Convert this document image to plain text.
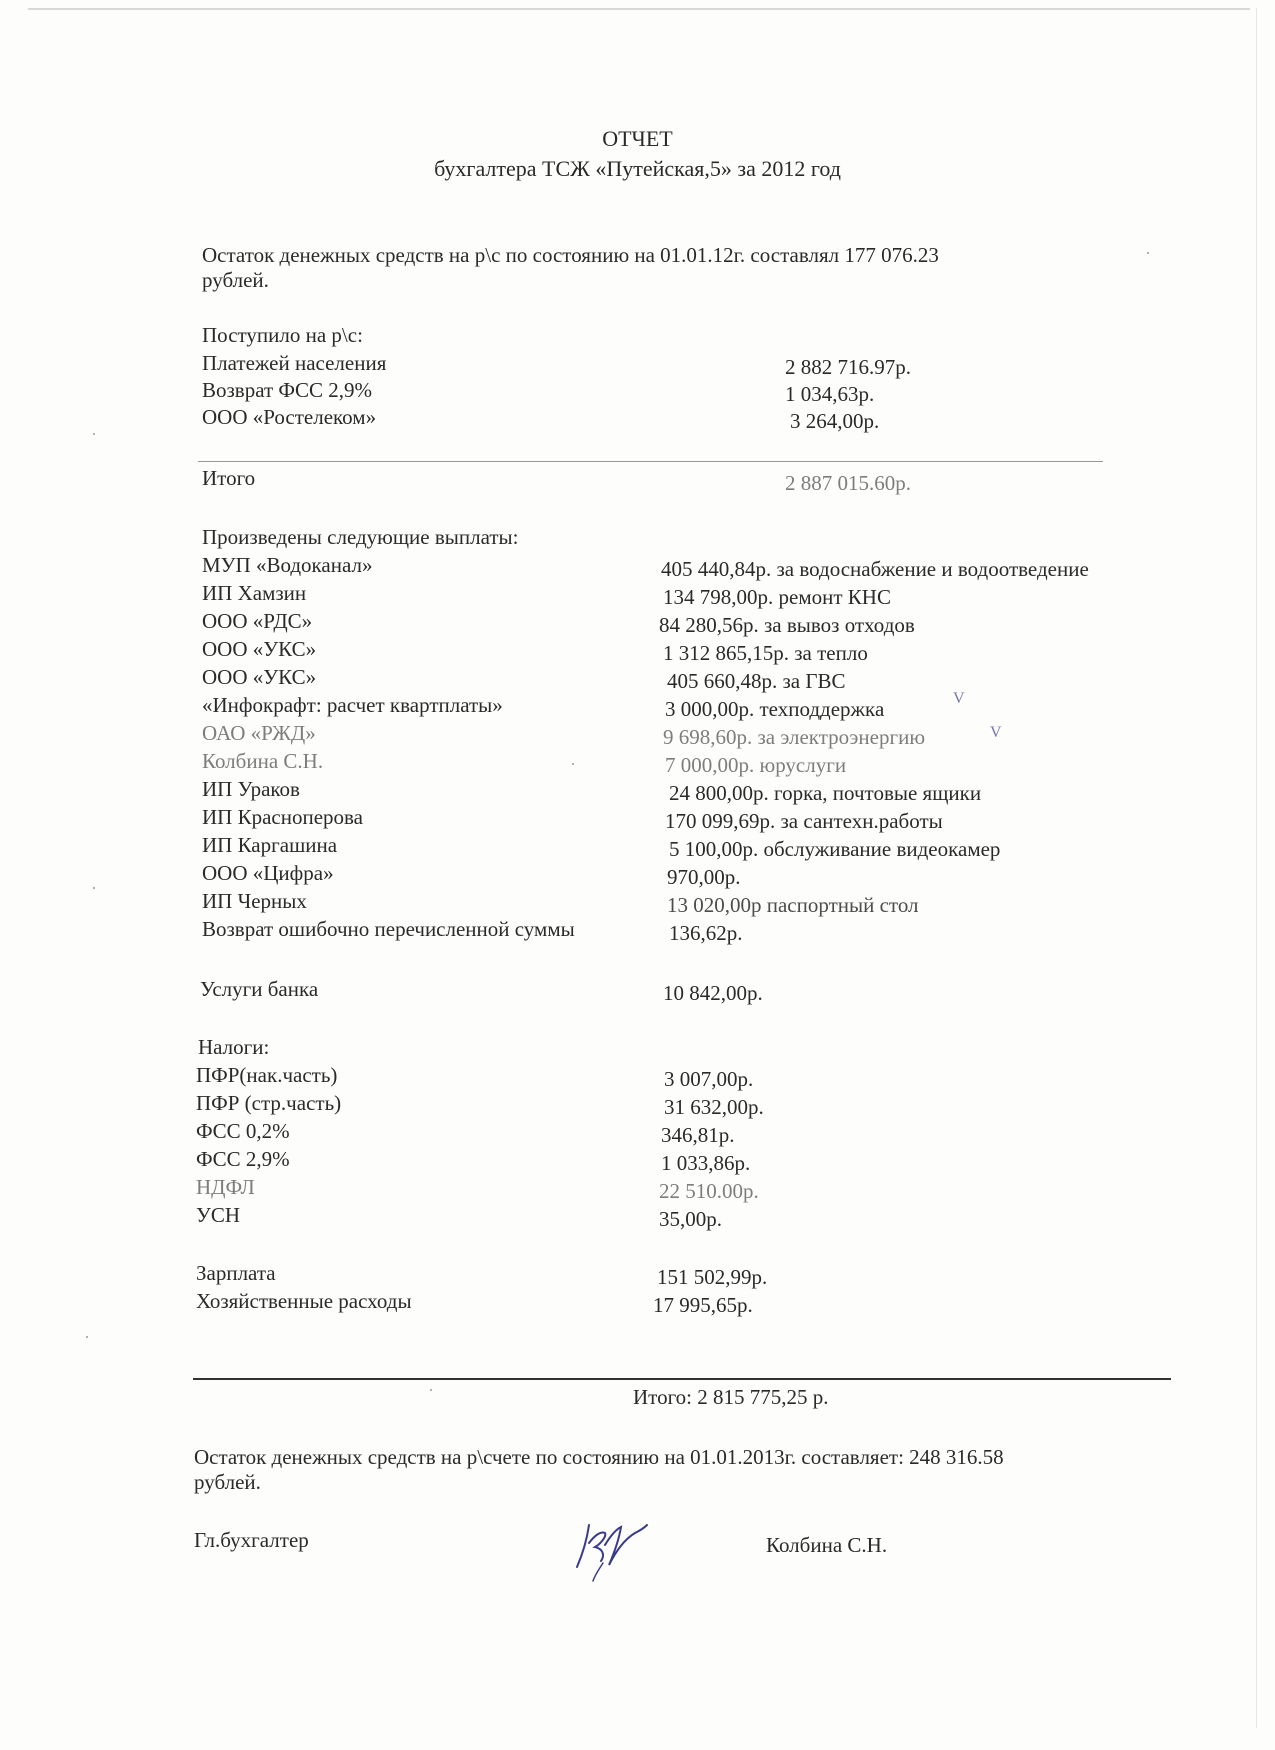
ОТЧЕТ
бухгалтера ТСЖ «Путейская,5» за 2012 год
Остаток денежных средств на р\с по состоянию на 01.01.12г. составлял 177 076.23
рублей.
Поступило на р\с:
Платежей населения	2 882 716.97р.
Возврат ФСС 2,9%	1 034,63р.
ООО «Ростелеком»	3 264,00р.
Итого	2 887 015.60р.
Произведены следующие выплаты:
МУП «Водоканал»	405 440,84р. за водоснабжение и водоотведение
ИП Хамзин	134 798,00р. ремонт КНС
ООО «РДС»	84 280,56р. за вывоз отходов
ООО «УКС»	1 312 865,15р. за тепло
ООО «УКС»	405 660,48р. за ГВС
«Инфокрафт: расчет квартплаты»	3 000,00р. техподдержка	V
ОАО «РЖД»	9 698,60р. за электроэнергию	V
Колбина С.Н.	7 000,00р. юруслуги
ИП Ураков	24 800,00р. горка, почтовые ящики
ИП Красноперова	170 099,69р. за сантехн.работы
ИП Каргашина	5 100,00р. обслуживание видеокамер
ООО «Цифра»	970,00р.
ИП Черных	13 020,00р паспортный стол
Возврат ошибочно перечисленной суммы	136,62р.
Услуги банка	10 842,00р.
Налоги:
ПФР(нак.часть)	3 007,00р.
ПФР (стр.часть)	31 632,00р.
ФСС 0,2%	346,81р.
ФСС 2,9%	1 033,86р.
НДФЛ	22 510.00р.
УСН	35,00р.
Зарплата	151 502,99р.
Хозяйственные расходы	17 995,65р.
Итого: 2 815 775,25 р.
Остаток денежных средств на р\счете по состоянию на 01.01.2013г. составляет: 248 316.58
рублей.
Гл.бухгалтер	Колбина С.Н.
